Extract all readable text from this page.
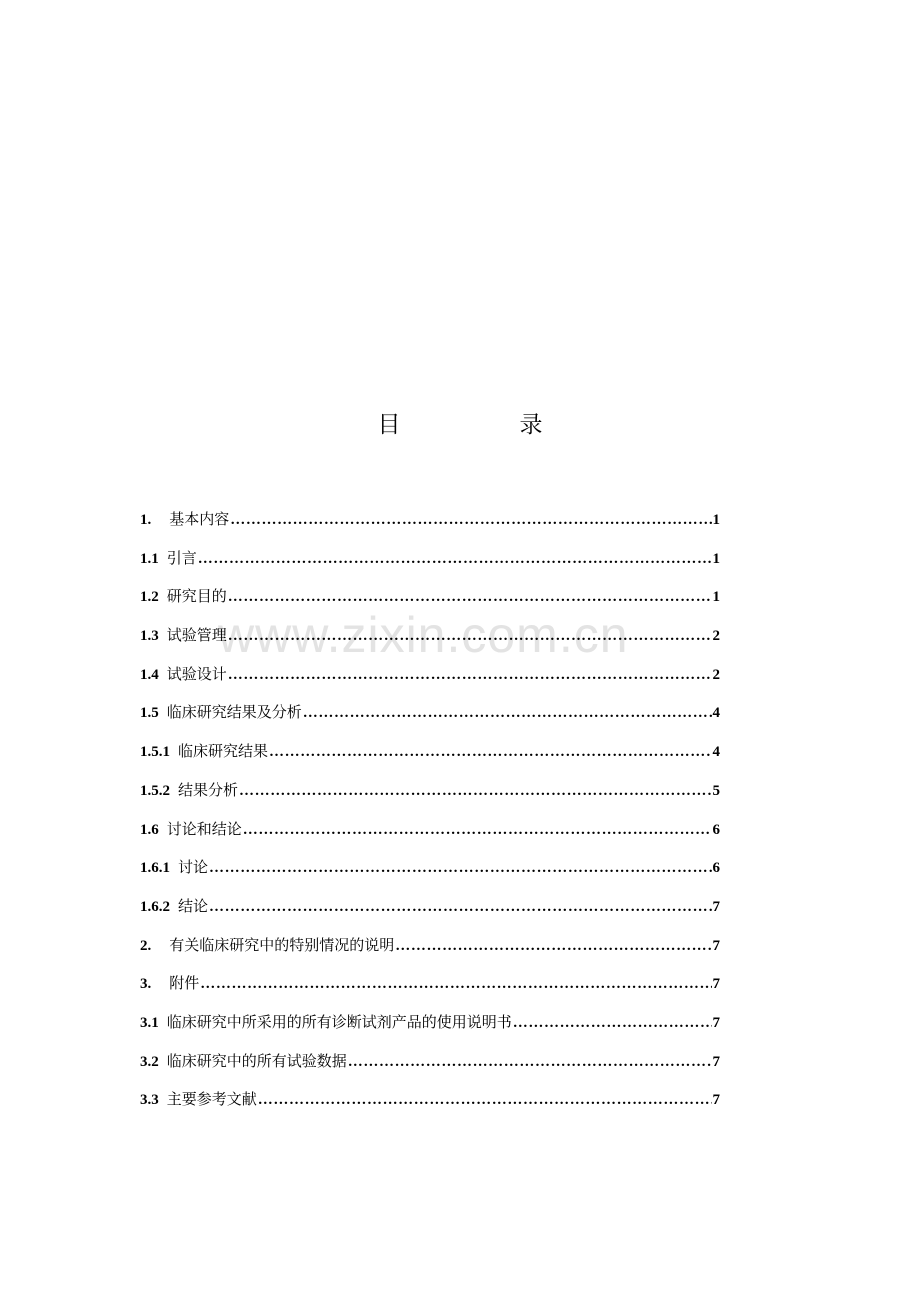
www.zixin.com.cn
目　录
1.	基本内容 …………………………………………………………………………………………………………………………………………………………………………………………	1
1.1 引言 …………………………………………………………………………………………………………………………………………………………………………………………	1
1.2 研究目的 …………………………………………………………………………………………………………………………………………………………………………………………	1
1.3 试验管理 …………………………………………………………………………………………………………………………………………………………………………………………	2
1.4 试验设计 …………………………………………………………………………………………………………………………………………………………………………………………	2
1.5 临床研究结果及分析 …………………………………………………………………………………………………………………………………………………………………………………………	4
1.5.1 临床研究结果 …………………………………………………………………………………………………………………………………………………………………………………………	4
1.5.2 结果分析 …………………………………………………………………………………………………………………………………………………………………………………………	5
1.6 讨论和结论 …………………………………………………………………………………………………………………………………………………………………………………………	6
1.6.1 讨论 …………………………………………………………………………………………………………………………………………………………………………………………	6
1.6.2 结论 …………………………………………………………………………………………………………………………………………………………………………………………	7
2.	有关临床研究中的特别情况的说明 …………………………………………………………………………………………………………………………………………………………………………………………	7
3.	附件 …………………………………………………………………………………………………………………………………………………………………………………………	7
3.1 临床研究中所采用的所有诊断试剂产品的使用说明书 …………………………………………………………………………………………………………………………………………………………………………………………	7
3.2 临床研究中的所有试验数据 …………………………………………………………………………………………………………………………………………………………………………………………	7
3.3 主要参考文献 …………………………………………………………………………………………………………………………………………………………………………………………	7
